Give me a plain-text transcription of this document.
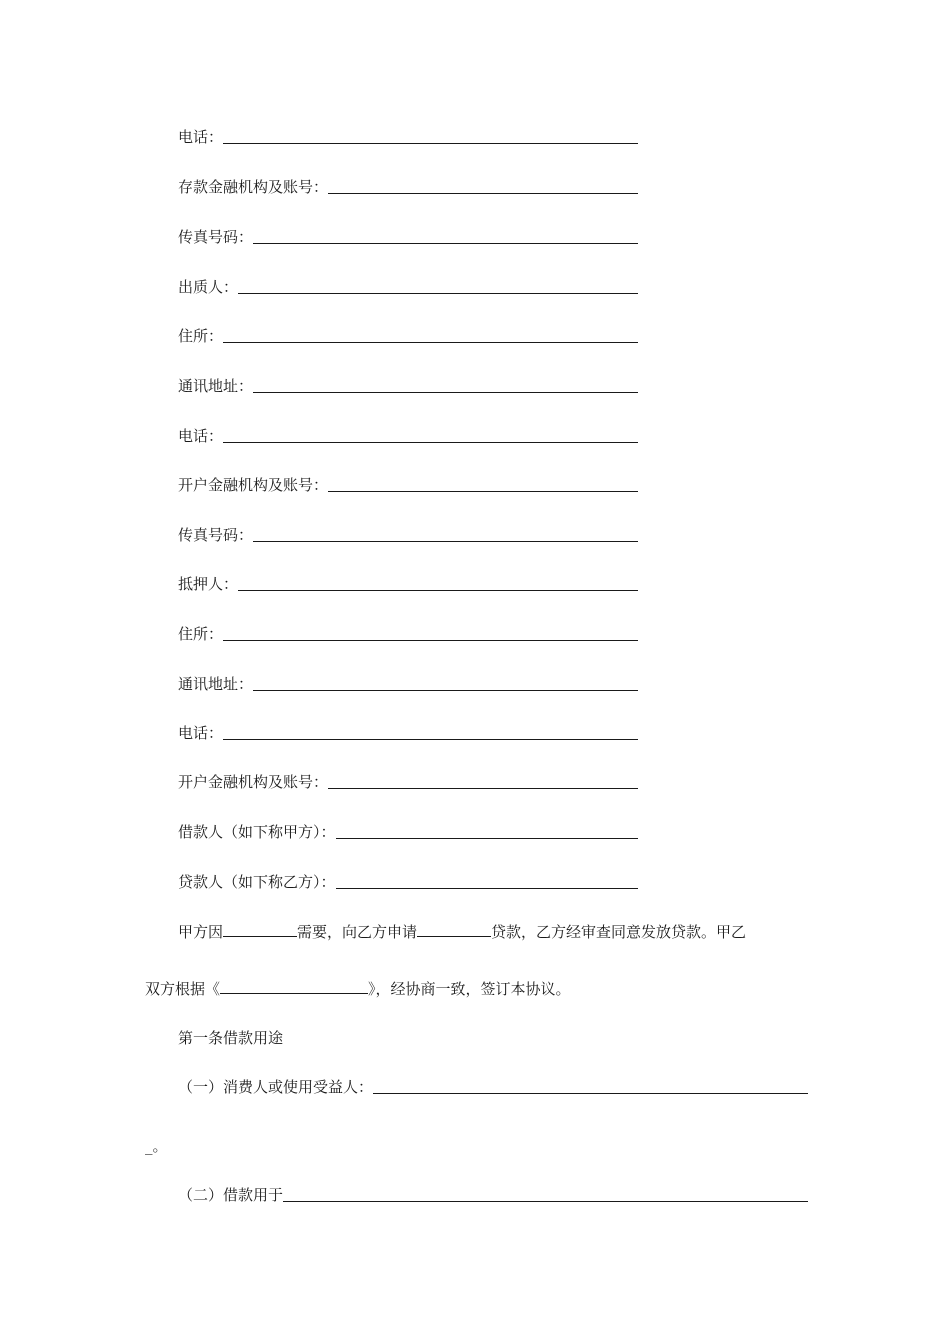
电话：
存款金融机构及账号：
传真号码：
出质人：
住所：
通讯地址：
电话：
开户金融机构及账号：
传真号码：
抵押人：
住所：
通讯地址：
电话：
开户金融机构及账号：
借款人（如下称甲方）：
贷款人（如下称乙方）：
甲方因	需要，向乙方申请	贷款，乙方经审查同意发放贷款。甲乙
双方根据《	》，经协商一致，签订本协议。
第一条借款用途
（一）消费人或使用受益人：
_。
（二）借款用于
